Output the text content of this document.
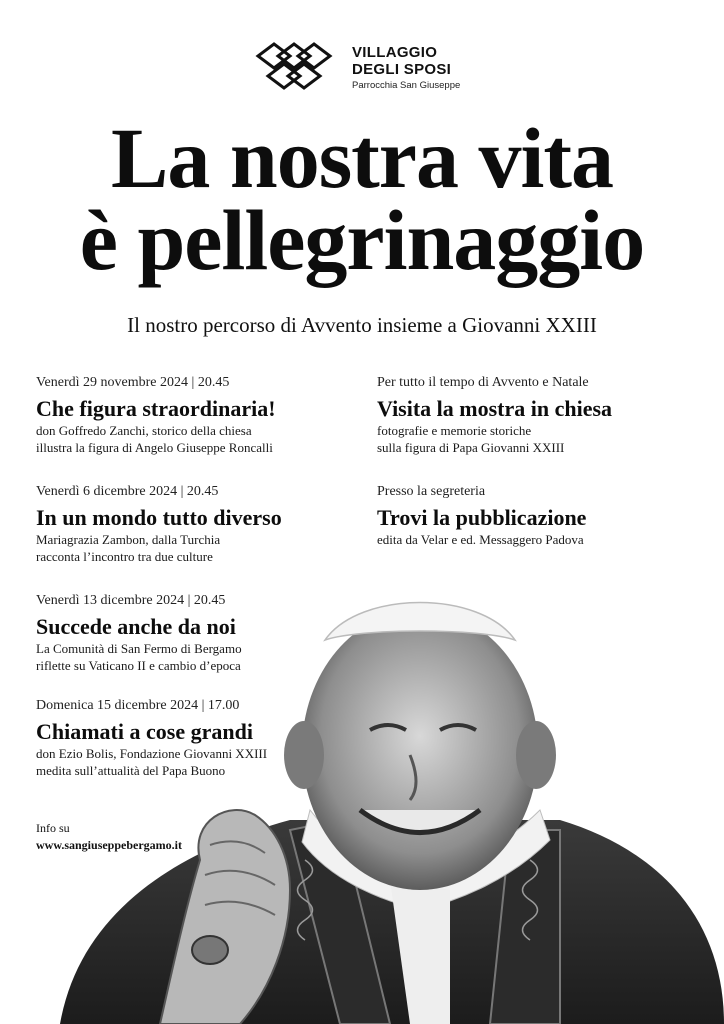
VILLAGGIO
DEGLI SPOSI
Parrocchia San Giuseppe
La nostra vita
è pellegrinaggio
Il nostro percorso di Avvento insieme a Giovanni XXIII
Venerdì 29 novembre 2024 | 20.45
Che figura straordinaria!
don Goffredo Zanchi, storico della chiesa
illustra la figura di Angelo Giuseppe Roncalli
Venerdì 6 dicembre 2024 | 20.45
In un mondo tutto diverso
Mariagrazia Zambon, dalla Turchia
racconta l’incontro tra due culture
Venerdì 13 dicembre 2024 | 20.45
Succede anche da noi
La Comunità di San Fermo di Bergamo
riflette su Vaticano II e cambio d’epoca
Domenica 15 dicembre 2024 | 17.00
Chiamati a cose grandi
don Ezio Bolis, Fondazione Giovanni XXIII
medita sull’attualità del Papa Buono
Per tutto il tempo di Avvento e Natale
Visita la mostra in chiesa
fotografie e memorie storiche
sulla figura di Papa Giovanni XXIII
Presso la segreteria
Trovi la pubblicazione
edita da Velar e ed. Messaggero Padova
Info su
www.sangiuseppebergamo.it
